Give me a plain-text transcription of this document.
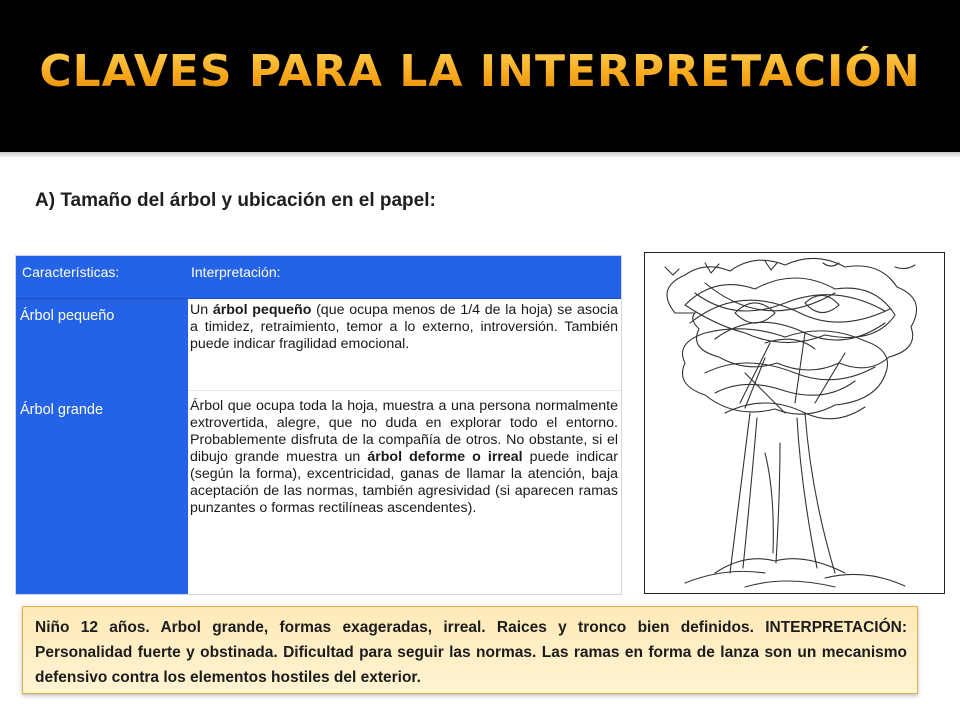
CLAVES PARA LA INTERPRETACIÓN
A) Tamaño del árbol y ubicación en el papel:
Características:	Interpretación:
Árbol pequeño	Un árbol pequeño (que ocupa menos de 1/4 de la hoja) se asocia a timidez, retraimiento, temor a lo externo, introversión. También puede indicar fragilidad emocional.
Árbol grande	Árbol que ocupa toda la hoja, muestra a una persona normalmente extrovertida, alegre, que no duda en explorar todo el entorno. Probablemente disfruta de la compañía de otros. No obstante, si el dibujo grande muestra un árbol deforme o irreal puede indicar (según la forma), excentricidad, ganas de llamar la atención, baja aceptación de las normas, también agresividad (si aparecen ramas punzantes o formas rectilíneas ascendentes).
Niño 12 años. Arbol grande, formas exageradas, irreal. Raices y tronco bien definidos. INTERPRETACIÓN: Personalidad fuerte y obstinada. Dificultad para seguir las normas. Las ramas en forma de lanza son un mecanismo defensivo contra los elementos hostiles del exterior.
